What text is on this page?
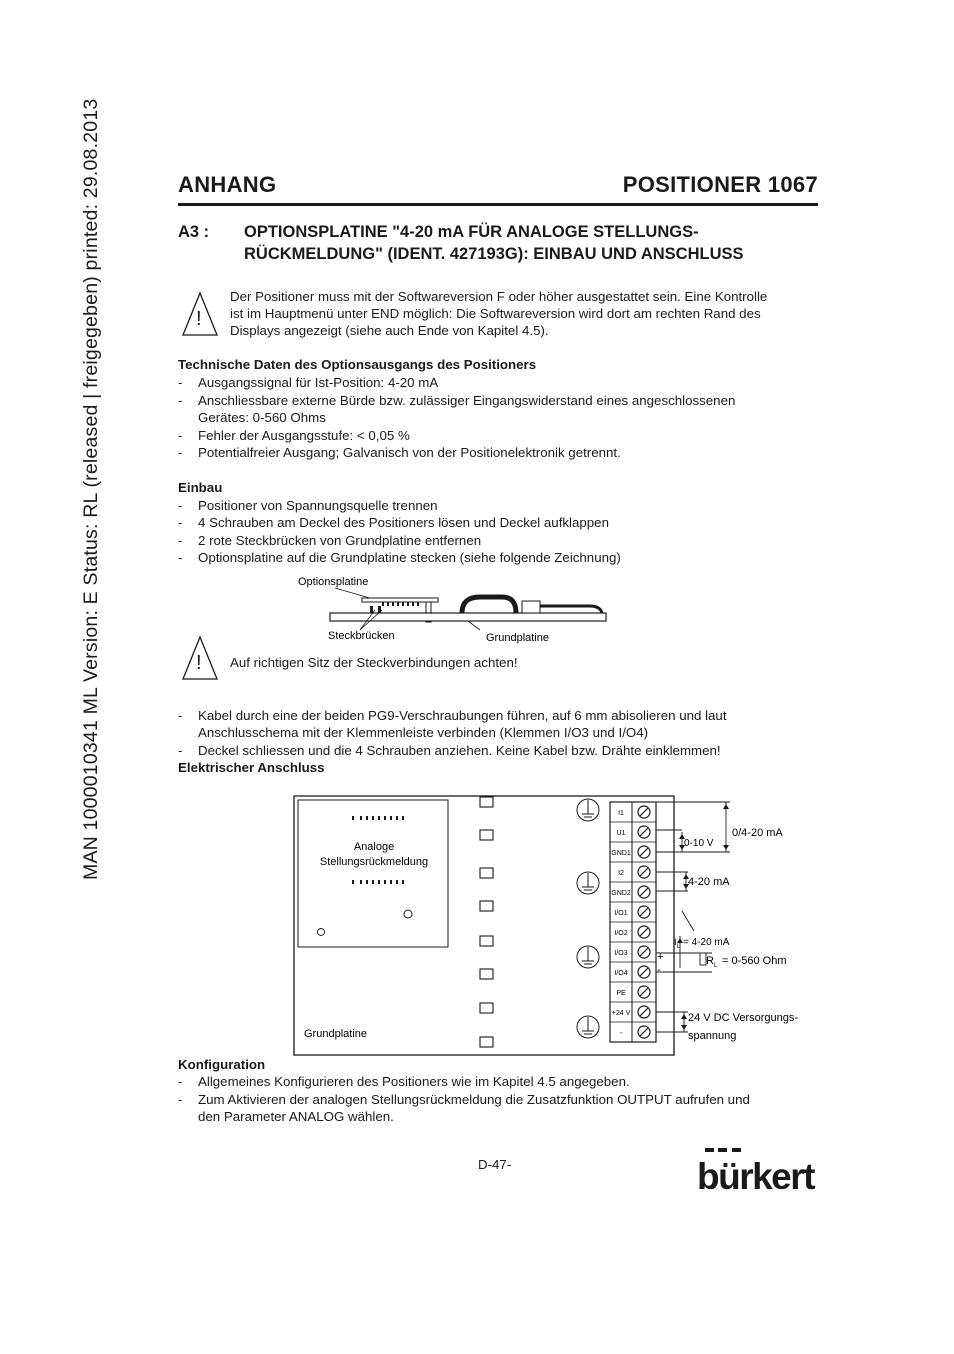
MAN 1000010341 ML Version: E Status: RL (released | freigegeben) printed: 29.08.2013	ANHANG	POSITIONER 1067
A3 : OPTIONSPLATINE "4-20 mA FÜR ANALOGE STELLUNGS-
RÜCKMELDUNG" (IDENT. 427193G): EINBAU UND ANSCHLUSS
!
Der Positioner muss mit der Softwareversion F oder höher ausgestattet sein. Eine Kontrolle
ist im Hauptmenü unter END möglich: Die Softwareversion wird dort am rechten Rand des
Displays angezeigt (siehe auch Ende von Kapitel 4.5).
Technische Daten des Optionsausgangs des Positioners
- Ausgangssignal für Ist-Position: 4-20 mA
- Anschliessbare externe Bürde bzw. zulässiger Eingangswiderstand eines angeschlossenen
Gerätes: 0-560 Ohms
- Fehler der Ausgangsstufe: < 0,05 %
- Potentialfreier Ausgang; Galvanisch von der Positionelektronik getrennt.
Einbau
- Positioner von Spannungsquelle trennen
- 4 Schrauben am Deckel des Positioners lösen und Deckel aufklappen
- 2 rote Steckbrücken von Grundplatine entfernen
- Optionsplatine auf die Grundplatine stecken (siehe folgende Zeichnung)
Optionsplatine
Steckbrücken	Grundplatine
! Auf richtigen Sitz der Steckverbindungen achten!
- Kabel durch eine der beiden PG9-Verschraubungen führen, auf 6 mm abisolieren und laut
Anschlusschema mit der Klemmenleiste verbinden (Klemmen I/O3 und I/O4)
- Deckel schliessen und die 4 Schrauben anziehen. Keine Kabel bzw. Drähte einklemmen!
Elektrischer Anschluss
Analoge
Stellungsrückmeldung
Grundplatine
I1
U1
GND1
I2
GND2
I/O1
I/O2
I/O3
I/O4
PE
+24 V
-
0/4-20 mA
0-10 V
4-20 mA
I L = 4-20 mA
+
-
R L = 0-560 Ohm
24 V DC Versorgungs-
spannung
Konfiguration
- Allgemeines Konfigurieren des Positioners wie im Kapitel 4.5 angegeben.
- Zum Aktivieren der analogen Stellungsrückmeldung die Zusatzfunktion OUTPUT aufrufen und
den Parameter ANALOG wählen.
D-47-	bürkert
